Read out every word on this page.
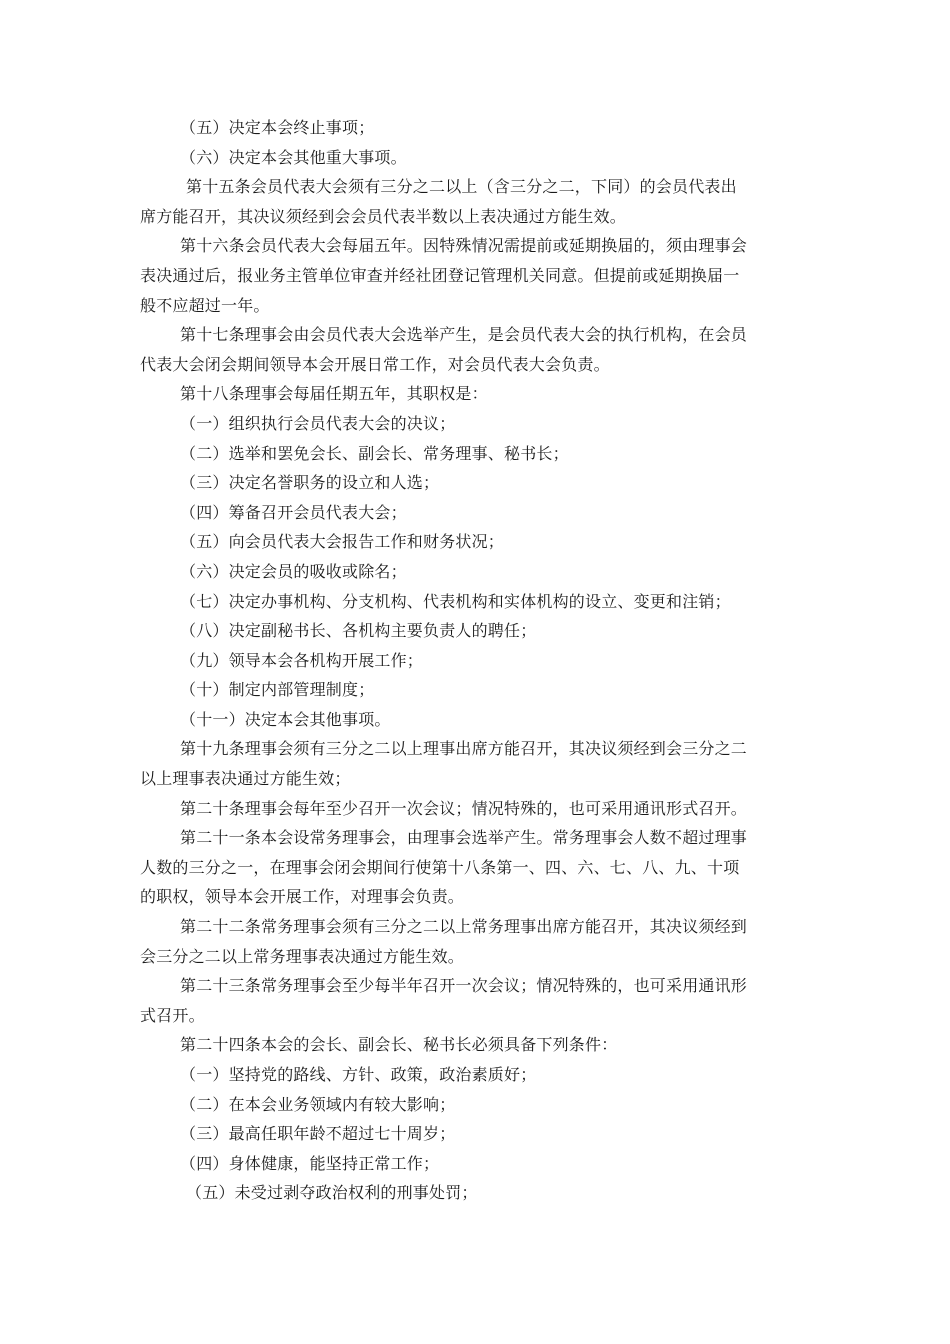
（五）决定本会终止事项；
（六）决定本会其他重大事项。
第十五条会员代表大会须有三分之二以上（含三分之二，下同）的会员代表出
席方能召开，其决议须经到会会员代表半数以上表决通过方能生效。
第十六条会员代表大会每届五年。因特殊情况需提前或延期换届的，须由理事会
表决通过后，报业务主管单位审查并经社团登记管理机关同意。但提前或延期换届一
般不应超过一年。
第十七条理事会由会员代表大会选举产生，是会员代表大会的执行机构，在会员
代表大会闭会期间领导本会开展日常工作，对会员代表大会负责。
第十八条理事会每届任期五年，其职权是：
（一）组织执行会员代表大会的决议；
（二）选举和罢免会长、副会长、常务理事、秘书长；
（三）决定名誉职务的设立和人选；
（四）筹备召开会员代表大会；
（五）向会员代表大会报告工作和财务状况；
（六）决定会员的吸收或除名；
（七）决定办事机构、分支机构、代表机构和实体机构的设立、变更和注销；
（八）决定副秘书长、各机构主要负责人的聘任；
（九）领导本会各机构开展工作；
（十）制定内部管理制度；
（十一）决定本会其他事项。
第十九条理事会须有三分之二以上理事出席方能召开，其决议须经到会三分之二
以上理事表决通过方能生效；
第二十条理事会每年至少召开一次会议；情况特殊的，也可采用通讯形式召开。
第二十一条本会设常务理事会，由理事会选举产生。常务理事会人数不超过理事
人数的三分之一，在理事会闭会期间行使第十八条第一、四、六、七、八、九、十项
的职权，领导本会开展工作，对理事会负责。
第二十二条常务理事会须有三分之二以上常务理事出席方能召开，其决议须经到
会三分之二以上常务理事表决通过方能生效。
第二十三条常务理事会至少每半年召开一次会议；情况特殊的，也可采用通讯形
式召开。
第二十四条本会的会长、副会长、秘书长必须具备下列条件：
（一）坚持党的路线、方针、政策，政治素质好；
（二）在本会业务领域内有较大影响；
（三）最高任职年龄不超过七十周岁；
（四）身体健康，能坚持正常工作；
（五）未受过剥夺政治权利的刑事处罚；
